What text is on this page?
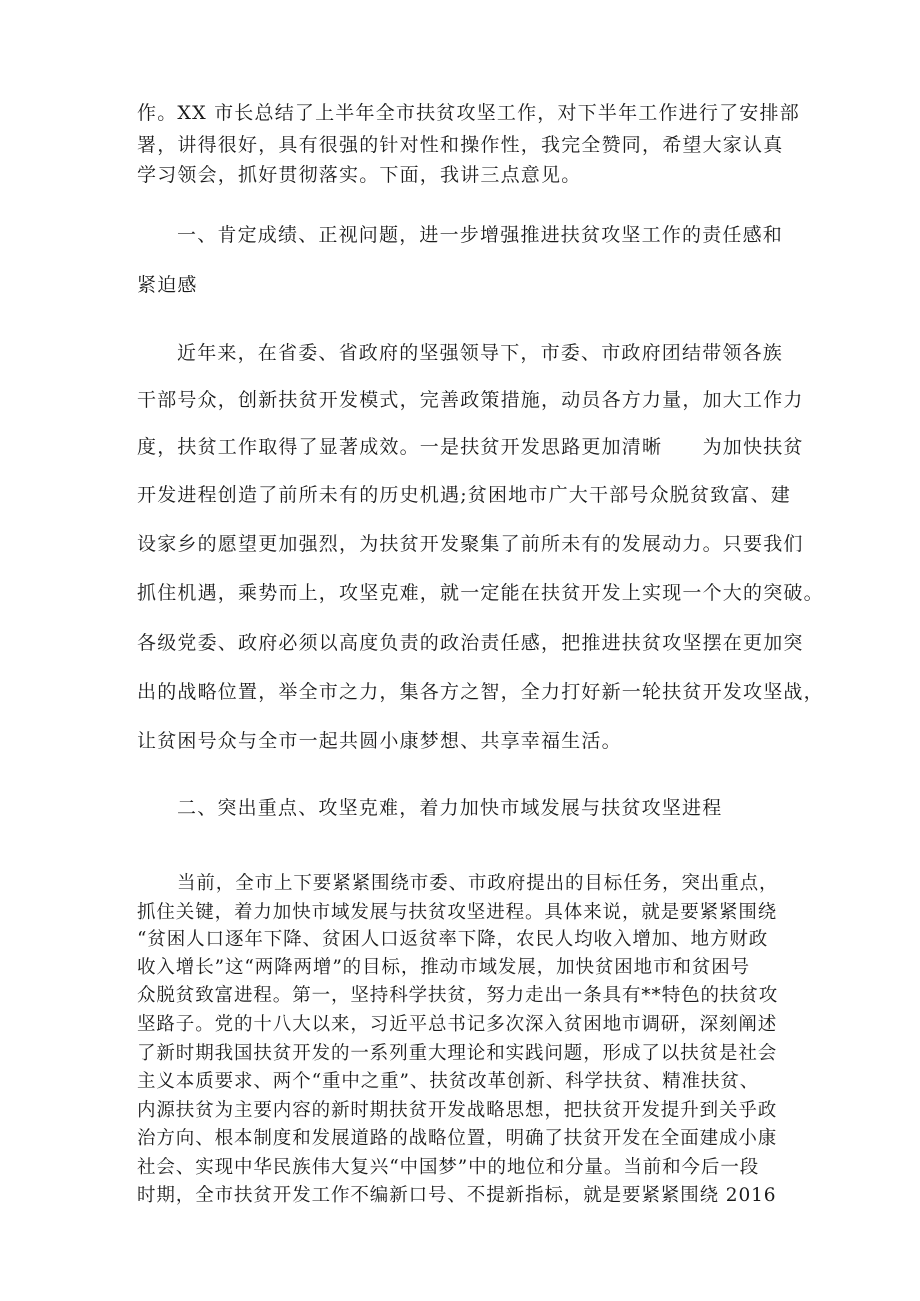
作。XX 市长总结了上半年全市扶贫攻坚工作，对下半年工作进行了安排部
署，讲得很好，具有很强的针对性和操作性，我完全赞同，希望大家认真
学习领会，抓好贯彻落实。下面，我讲三点意见。
一、肯定成绩、正视问题，进一步增强推进扶贫攻坚工作的责任感和
紧迫感
近年来，在省委、省政府的坚强领导下，市委、市政府团结带领各族
干部号众，创新扶贫开发模式，完善政策措施，动员各方力量，加大工作力
度，扶贫工作取得了显著成效。一是扶贫开发思路更加清晰　　为加快扶贫
开发进程创造了前所未有的历史机遇;贫困地市广大干部号众脱贫致富、建
设家乡的愿望更加强烈，为扶贫开发聚集了前所未有的发展动力。只要我们
抓住机遇，乘势而上，攻坚克难，就一定能在扶贫开发上实现一个大的突破。
各级党委、政府必须以高度负责的政治责任感，把推进扶贫攻坚摆在更加突
出的战略位置，举全市之力，集各方之智，全力打好新一轮扶贫开发攻坚战，
让贫困号众与全市一起共圆小康梦想、共享幸福生活。
二、突出重点、攻坚克难，着力加快市域发展与扶贫攻坚进程
当前，全市上下要紧紧围绕市委、市政府提出的目标任务，突出重点，
抓住关键，着力加快市域发展与扶贫攻坚进程。具体来说，就是要紧紧围绕
“贫困人口逐年下降、贫困人口返贫率下降，农民人均收入增加、地方财政
收入增长”这“两降两增”的目标，推动市域发展，加快贫困地市和贫困号
众脱贫致富进程。第一，坚持科学扶贫，努力走出一条具有**特色的扶贫攻
坚路子。党的十八大以来，习近平总书记多次深入贫困地市调研，深刻阐述
了新时期我国扶贫开发的一系列重大理论和实践问题，形成了以扶贫是社会
主义本质要求、两个“重中之重”、扶贫改革创新、科学扶贫、精准扶贫、
内源扶贫为主要内容的新时期扶贫开发战略思想，把扶贫开发提升到关乎政
治方向、根本制度和发展道路的战略位置，明确了扶贫开发在全面建成小康
社会、实现中华民族伟大复兴“中国梦”中的地位和分量。当前和今后一段
时期，全市扶贫开发工作不编新口号、不提新指标，就是要紧紧围绕 2016
